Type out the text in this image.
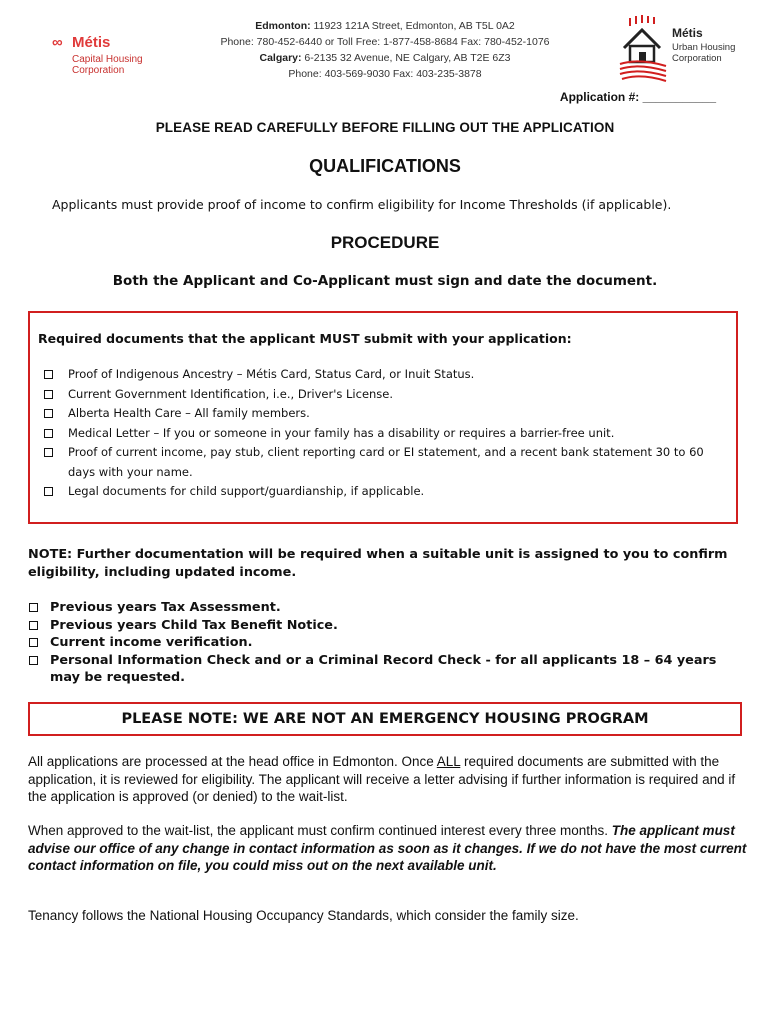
∞ Métis
Capital Housing Corporation
Edmonton: 11923 121A Street, Edmonton, AB T5L 0A2
Phone: 780-452-6440 or Toll Free: 1-877-458-8684 Fax: 780-452-1076
Calgary: 6-2135 32 Avenue, NE Calgary, AB T2E 6Z3
Phone: 403-569-9030 Fax: 403-235-3878
Métis
Urban Housing Corporation
Application #: ___________
PLEASE READ CAREFULLY BEFORE FILLING OUT THE APPLICATION
QUALIFICATIONS
Applicants must provide proof of income to confirm eligibility for Income Thresholds (if applicable).
PROCEDURE
Both the Applicant and Co-Applicant must sign and date the document.
Required documents that the applicant MUST submit with your application:
Proof of Indigenous Ancestry – Métis Card, Status Card, or Inuit Status.
Current Government Identification, i.e., Driver's License.
Alberta Health Care – All family members.
Medical Letter – If you or someone in your family has a disability or requires a barrier-free unit.
Proof of current income, pay stub, client reporting card or EI statement, and a recent bank statement 30 to 60 days with your name.
Legal documents for child support/guardianship, if applicable.
NOTE: Further documentation will be required when a suitable unit is assigned to you to confirm eligibility, including updated income.
Previous years Tax Assessment.
Previous years Child Tax Benefit Notice.
Current income verification.
Personal Information Check and or a Criminal Record Check - for all applicants 18 – 64 years may be requested.
PLEASE NOTE: WE ARE NOT AN EMERGENCY HOUSING PROGRAM
All applications are processed at the head office in Edmonton. Once ALL required documents are submitted with the application, it is reviewed for eligibility. The applicant will receive a letter advising if further information is required and if the application is approved (or denied) to the wait-list.
When approved to the wait-list, the applicant must confirm continued interest every three months. The applicant must advise our office of any change in contact information as soon as it changes. If we do not have the most current contact information on file, you could miss out on the next available unit.
Tenancy follows the National Housing Occupancy Standards, which consider the family size.
